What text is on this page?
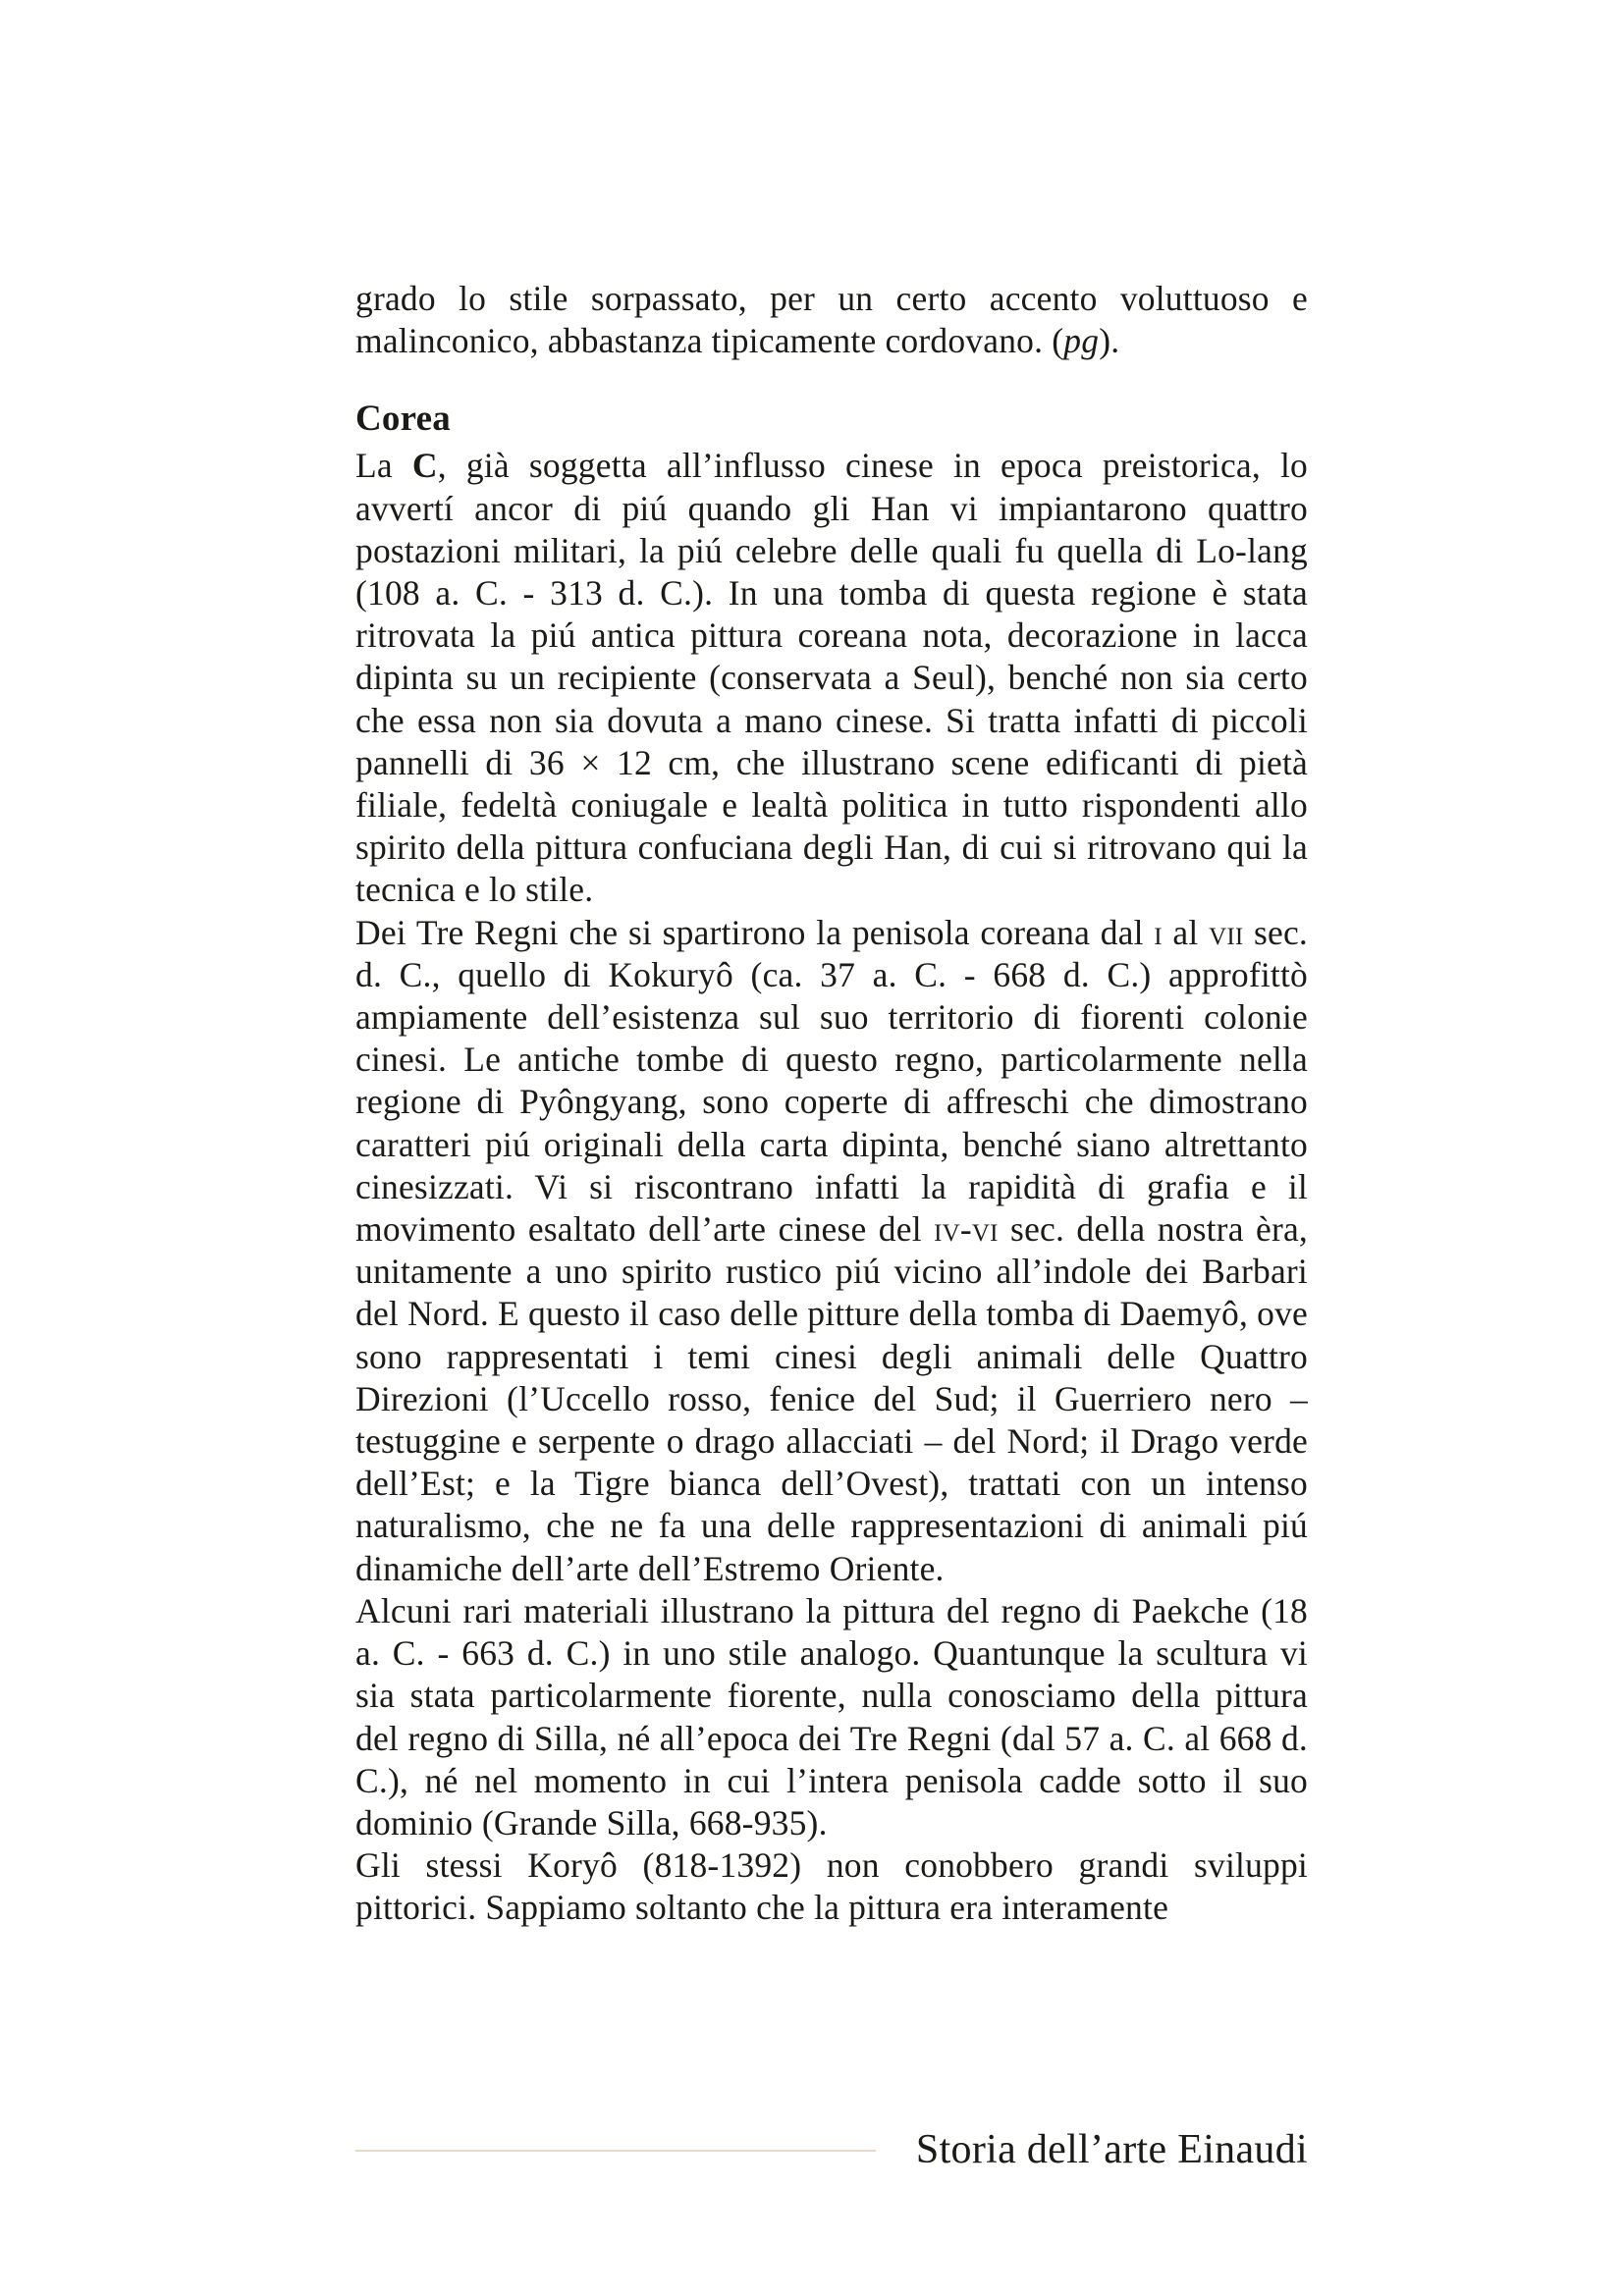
grado lo stile sorpassato, per un certo accento voluttuoso e malinconico, abbastanza tipicamente cordovano. (pg).

Corea

La C, già soggetta all’influsso cinese in epoca preistorica, lo avvertí ancor di piú quando gli Han vi impiantarono quattro postazioni militari, la piú celebre delle quali fu quella di Lo-lang (108 a. C. - 313 d. C.). In una tomba di questa regione è stata ritrovata la piú antica pittura coreana nota, decorazione in lacca dipinta su un recipiente (conservata a Seul), benché non sia certo che essa non sia dovuta a mano cinese. Si tratta infatti di piccoli pannelli di 36 × 12 cm, che illustrano scene edificanti di pietà filiale, fedeltà coniugale e lealtà politica in tutto rispondenti allo spirito della pittura confuciana degli Han, di cui si ritrovano qui la tecnica e lo stile.

Dei Tre Regni che si spartirono la penisola coreana dal i al vii sec. d. C., quello di Kokuryô (ca. 37 a. C. - 668 d. C.) approfittò ampiamente dell’esistenza sul suo territorio di fiorenti colonie cinesi. Le antiche tombe di questo regno, particolarmente nella regione di Pyôngyang, sono coperte di affreschi che dimostrano caratteri piú originali della carta dipinta, benché siano altrettanto cinesizzati. Vi si riscontrano infatti la rapidità di grafia e il movimento esaltato dell’arte cinese del iv-vi sec. della nostra èra, unitamente a uno spirito rustico piú vicino all’indole dei Barbari del Nord. E questo il caso delle pitture della tomba di Daemyô, ove sono rappresentati i temi cinesi degli animali delle Quattro Direzioni (l’Uccello rosso, fenice del Sud; il Guerriero nero – testuggine e serpente o drago allacciati – del Nord; il Drago verde dell’Est; e la Tigre bianca dell’Ovest), trattati con un intenso naturalismo, che ne fa una delle rappresentazioni di animali piú dinamiche dell’arte dell’Estremo Oriente.

Alcuni rari materiali illustrano la pittura del regno di Paekche (18 a. C. - 663 d. C.) in uno stile analogo. Quantunque la scultura vi sia stata particolarmente fiorente, nulla conosciamo della pittura del regno di Silla, né all’epoca dei Tre Regni (dal 57 a. C. al 668 d. C.), né nel momento in cui l’intera penisola cadde sotto il suo dominio (Grande Silla, 668-935).

Gli stessi Koryô (818-1392) non conobbero grandi sviluppi pittorici. Sappiamo soltanto che la pittura era interamente

Storia dell’arte Einaudi
